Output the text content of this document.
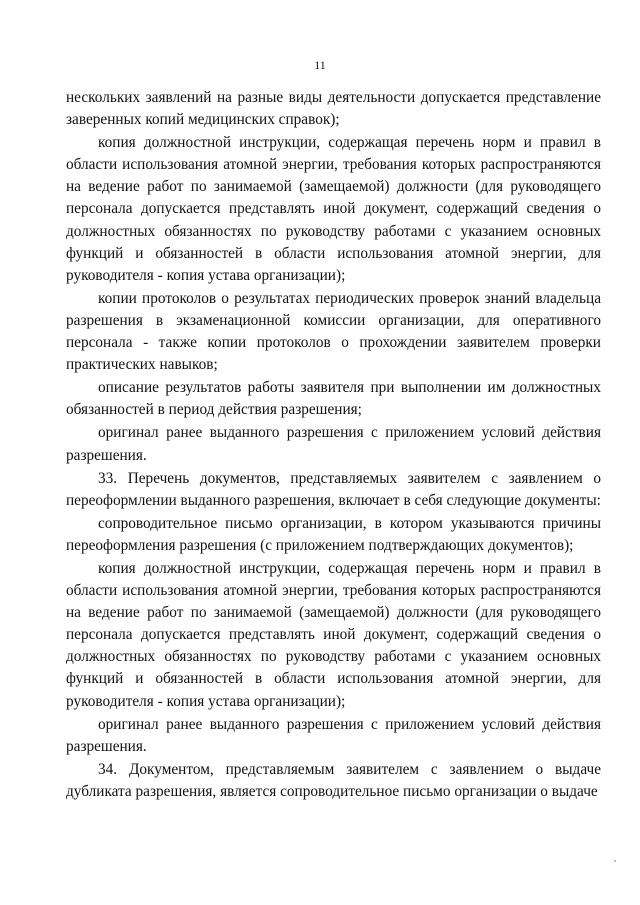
11

нескольких заявлений на разные виды деятельности допускается представление заверенных копий медицинских справок);

копия должностной инструкции, содержащая перечень норм и правил в области использования атомной энергии, требования которых распространяются на ведение работ по занимаемой (замещаемой) должности (для руководящего персонала допускается представлять иной документ, содержащий сведения о должностных обязанностях по руководству работами с указанием основных функций и обязанностей в области использования атомной энергии, для руководителя - копия устава организации);

копии протоколов о результатах периодических проверок знаний владельца разрешения в экзаменационной комиссии организации, для оперативного персонала - также копии протоколов о прохождении заявителем проверки практических навыков;

описание результатов работы заявителя при выполнении им должностных обязанностей в период действия разрешения;

оригинал ранее выданного разрешения с приложением условий действия разрешения.

33. Перечень документов, представляемых заявителем с заявлением о переоформлении выданного разрешения, включает в себя следующие документы:

сопроводительное письмо организации, в котором указываются причины переоформления разрешения (с приложением подтверждающих документов);

копия должностной инструкции, содержащая перечень норм и правил в области использования атомной энергии, требования которых распространяются на ведение работ по занимаемой (замещаемой) должности (для руководящего персонала допускается представлять иной документ, содержащий сведения о должностных обязанностях по руководству работами с указанием основных функций и обязанностей в области использования атомной энергии, для руководителя - копия устава организации);

оригинал ранее выданного разрешения с приложением условий действия разрешения.

34. Документом, представляемым заявителем с заявлением о выдаче дубликата разрешения, является сопроводительное письмо организации о выдаче
